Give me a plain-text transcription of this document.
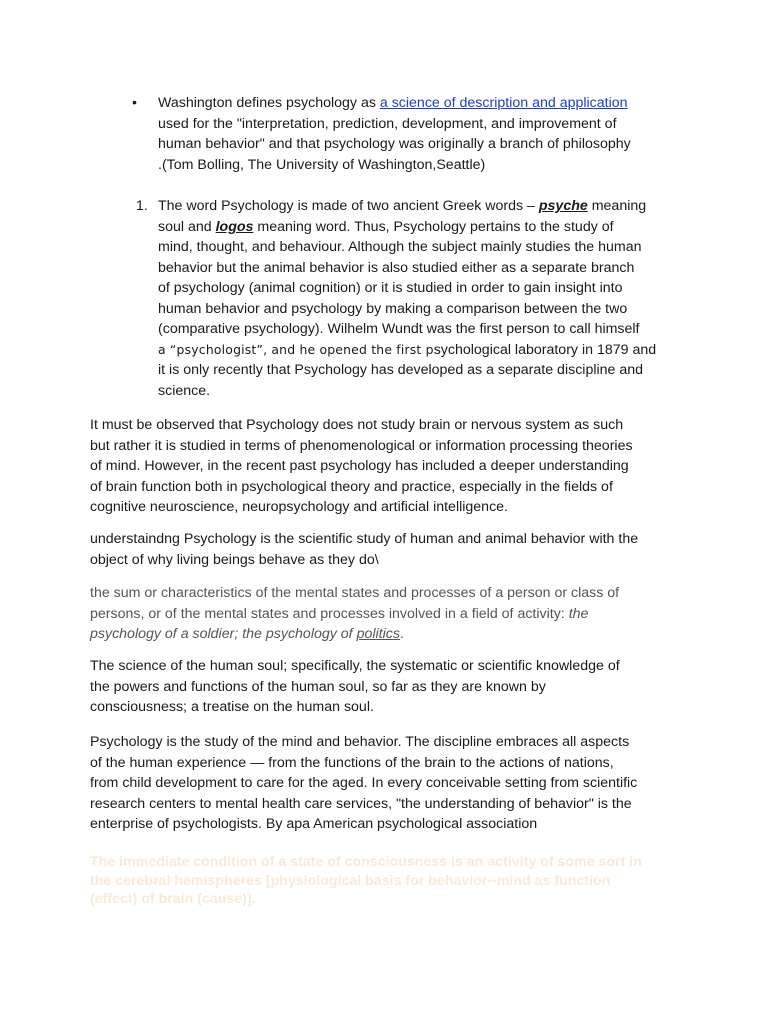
•	Washington defines psychology as a science of description and application
used for the "interpretation, prediction, development, and improvement of
human behavior" and that psychology was originally a branch of philosophy
.(Tom Bolling, The University of Washington,Seattle)
1. The word Psychology is made of two ancient Greek words – psyche meaning
soul and logos meaning word. Thus, Psychology pertains to the study of
mind, thought, and behaviour. Although the subject mainly studies the human
behavior but the animal behavior is also studied either as a separate branch
of psychology (animal cognition) or it is studied in order to gain insight into
human behavior and psychology by making a comparison between the two
(comparative psychology). Wilhelm Wundt was the first person to call himself
a “psychologist”, and he opened the first psychological laboratory in 1879 and
it is only recently that Psychology has developed as a separate discipline and
science.
It must be observed that Psychology does not study brain or nervous system as such
but rather it is studied in terms of phenomenological or information processing theories
of mind. However, in the recent past psychology has included a deeper understanding
of brain function both in psychological theory and practice, especially in the fields of
cognitive neuroscience, neuropsychology and artificial intelligence.
understaindng Psychology is the scientific study of human and animal behavior with the
object of why living beings behave as they do\
the sum or characteristics of the mental states and processes of a person or class of
persons, or of the mental states and processes involved in a field of activity: the
psychology of a soldier; the psychology of politics.
The science of the human soul; specifically, the systematic or scientific knowledge of
the powers and functions of the human soul, so far as they are known by
consciousness; a treatise on the human soul.
Psychology is the study of the mind and behavior. The discipline embraces all aspects
of the human experience — from the functions of the brain to the actions of nations,
from child development to care for the aged. In every conceivable setting from scientific
research centers to mental health care services, "the understanding of behavior" is the
enterprise of psychologists. By apa American psychological association
The immediate condition of a state of consciousness is an activity of some sort in
the cerebral hemispheres [physiological basis for behavior--mind as function
(effect) of brain (cause)].
